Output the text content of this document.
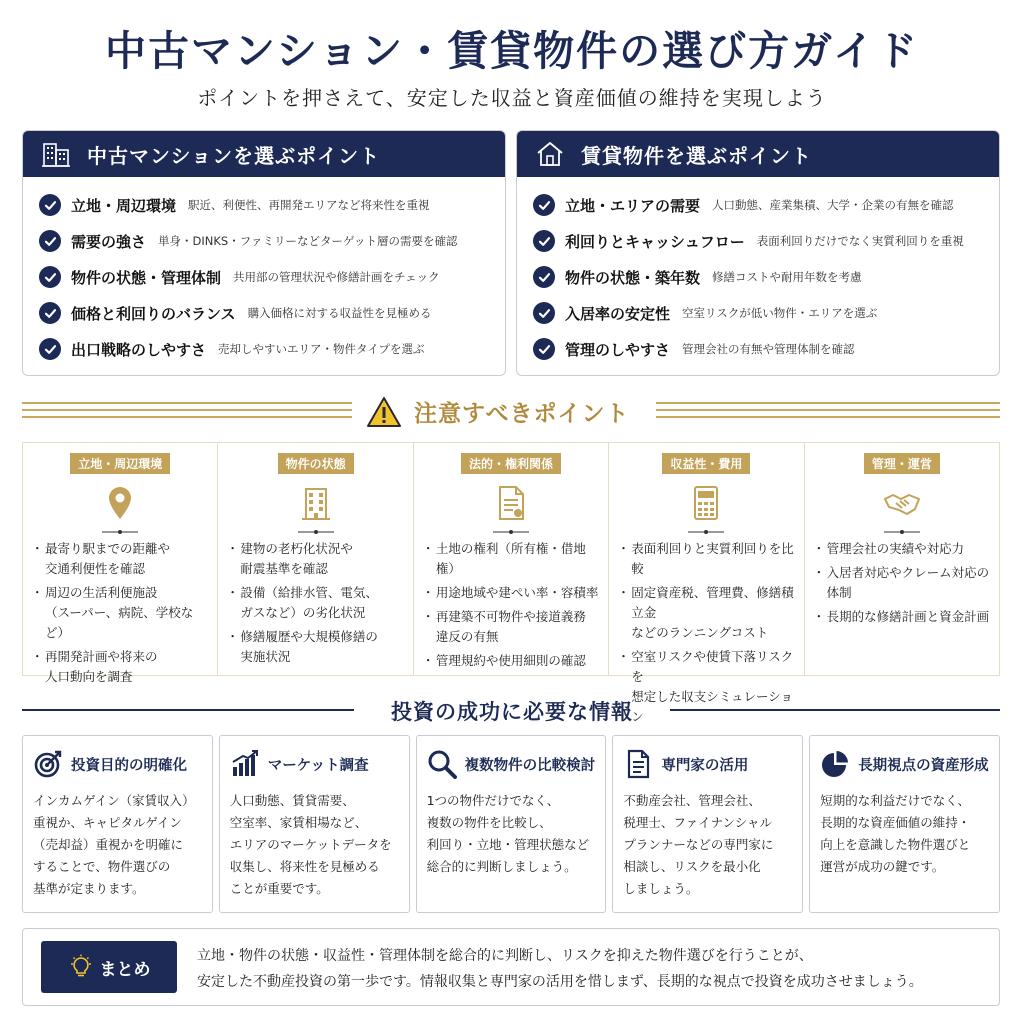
中古マンション・賃貸物件の選び方ガイド
ポイントを押さえて、安定した収益と資産価値の維持を実現しよう
中古マンションを選ぶポイント
立地・周辺環境 駅近、利便性、再開発エリアなど将来性を重視
需要の強さ 単身・DINKS・ファミリーなどターゲット層の需要を確認
物件の状態・管理体制 共用部の管理状況や修繕計画をチェック
価格と利回りのバランス 購入価格に対する収益性を見極める
出口戦略のしやすさ 売却しやすいエリア・物件タイプを選ぶ
賃貸物件を選ぶポイント
立地・エリアの需要 人口動態、産業集積、大学・企業の有無を確認
利回りとキャッシュフロー 表面利回りだけでなく実質利回りを重視
物件の状態・築年数 修繕コストや耐用年数を考慮
入居率の安定性 空室リスクが低い物件・エリアを選ぶ
管理のしやすさ 管理会社の有無や管理体制を確認
注意すべきポイント
立地・周辺環境
・ 最寄り駅までの距離や
交通利便性を確認
・ 周辺の生活利便施設
（スーパー、病院、学校など）
・ 再開発計画や将来の
人口動向を調査
物件の状態
・ 建物の老朽化状況や
耐震基準を確認
・ 設備（給排水管、電気、
ガスなど）の劣化状況
・ 修繕履歴や大規模修繕の
実施状況
法的・権利関係
・ 土地の権利（所有権・借地権）
・ 用途地域や建ぺい率・容積率
・ 再建築不可物件や接道義務
違反の有無
・ 管理規約や使用細則の確認
収益性・費用
・ 表面利回りと実質利回りを比較
・ 固定資産税、管理費、修繕積立金
などのランニングコスト
・ 空室リスクや使賃下落リスクを
想定した収支シミュレーション
管理・運営
・ 管理会社の実績や対応力
・ 入居者対応やクレーム対応の
体制
・ 長期的な修繕計画と資金計画
投資の成功に必要な情報
投資目的の明確化
インカムゲイン（家賃収入）
重視か、キャピタルゲイン
（売却益）重視かを明確に
することで、物件選びの
基準が定まります。
マーケット調査
人口動態、賃貸需要、
空室率、家賃相場など、
エリアのマーケットデータを
収集し、将来性を見極める
ことが重要です。
複数物件の比較検討
1つの物件だけでなく、
複数の物件を比較し、
利回り・立地・管理状態など
総合的に判断しましょう。
専門家の活用
不動産会社、管理会社、
税理士、ファイナンシャル
プランナーなどの専門家に
相談し、リスクを最小化
しましょう。
長期視点の資産形成
短期的な利益だけでなく、
長期的な資産価値の維持・
向上を意識した物件選びと
運営が成功の鍵です。
まとめ
立地・物件の状態・収益性・管理体制を総合的に判断し、リスクを抑えた物件選びを行うことが、
安定した不動産投資の第一歩です。情報収集と専門家の活用を惜しまず、長期的な視点で投資を成功させましょう。
